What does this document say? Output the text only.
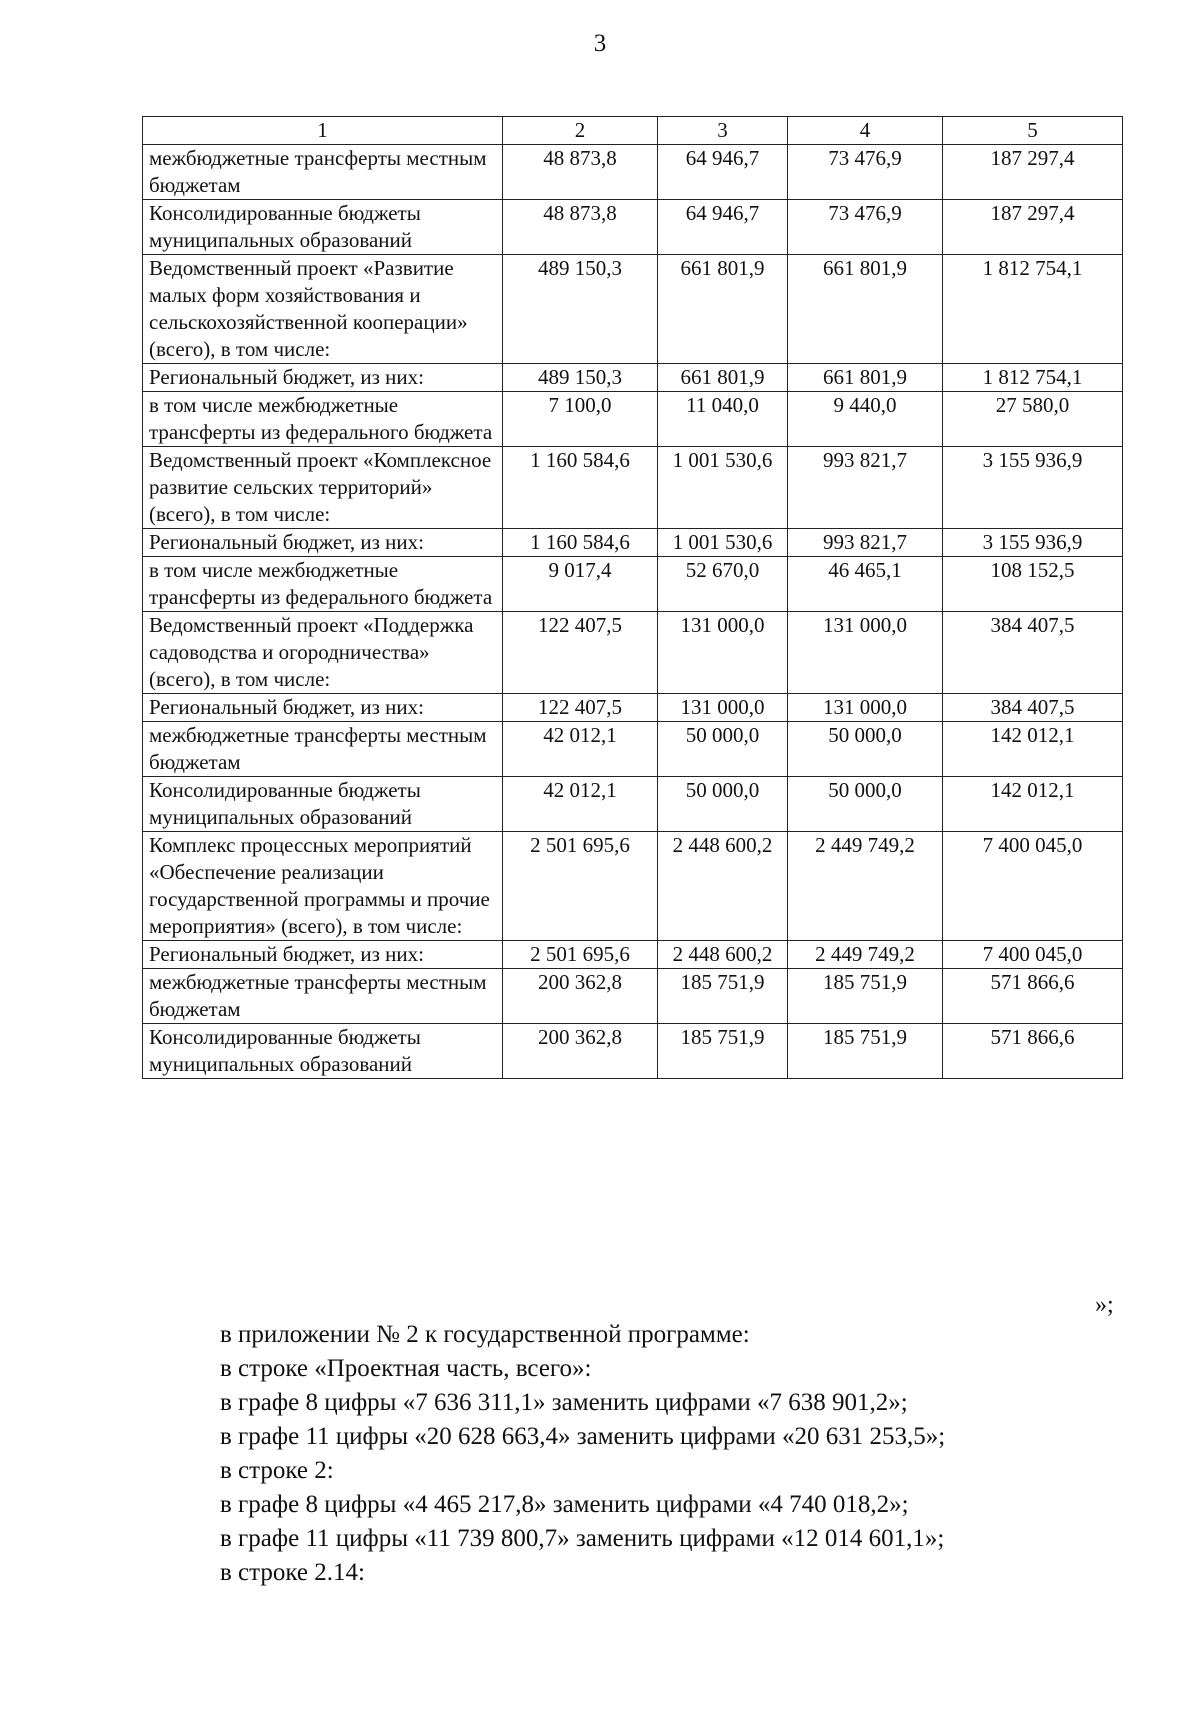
3
1	2	3	4	5
межбюджетные трансферты местным бюджетам	48 873,8	64 946,7	73 476,9	187 297,4
Консолидированные бюджеты муниципальных образований	48 873,8	64 946,7	73 476,9	187 297,4
Ведомственный проект «Развитие малых форм хозяйствования и сельскохозяйственной кооперации» (всего), в том числе:	489 150,3	661 801,9	661 801,9	1 812 754,1
Региональный бюджет, из них:	489 150,3	661 801,9	661 801,9	1 812 754,1
в том числе межбюджетные трансферты из федерального бюджета	7 100,0	11 040,0	9 440,0	27 580,0
Ведомственный проект «Комплексное развитие сельских территорий» (всего), в том числе:	1 160 584,6	1 001 530,6	993 821,7	3 155 936,9
Региональный бюджет, из них:	1 160 584,6	1 001 530,6	993 821,7	3 155 936,9
в том числе межбюджетные трансферты из федерального бюджета	9 017,4	52 670,0	46 465,1	108 152,5
Ведомственный проект «Поддержка садоводства и огородничества» (всего), в том числе:	122 407,5	131 000,0	131 000,0	384 407,5
Региональный бюджет, из них:	122 407,5	131 000,0	131 000,0	384 407,5
межбюджетные трансферты местным бюджетам	42 012,1	50 000,0	50 000,0	142 012,1
Консолидированные бюджеты муниципальных образований	42 012,1	50 000,0	50 000,0	142 012,1
Комплекс процессных мероприятий «Обеспечение реализации государственной программы и прочие мероприятия» (всего), в том числе:	2 501 695,6	2 448 600,2	2 449 749,2	7 400 045,0
Региональный бюджет, из них:	2 501 695,6	2 448 600,2	2 449 749,2	7 400 045,0
межбюджетные трансферты местным бюджетам	200 362,8	185 751,9	185 751,9	571 866,6
Консолидированные бюджеты муниципальных образований	200 362,8	185 751,9	185 751,9	571 866,6
»;
в приложении № 2 к государственной программе:
в строке «Проектная часть, всего»:
в графе 8 цифры «7 636 311,1» заменить цифрами «7 638 901,2»;
в графе 11 цифры «20 628 663,4» заменить цифрами «20 631 253,5»;
в строке 2:
в графе 8 цифры «4 465 217,8» заменить цифрами «4 740 018,2»;
в графе 11 цифры «11 739 800,7» заменить цифрами «12 014 601,1»;
в строке 2.14:
